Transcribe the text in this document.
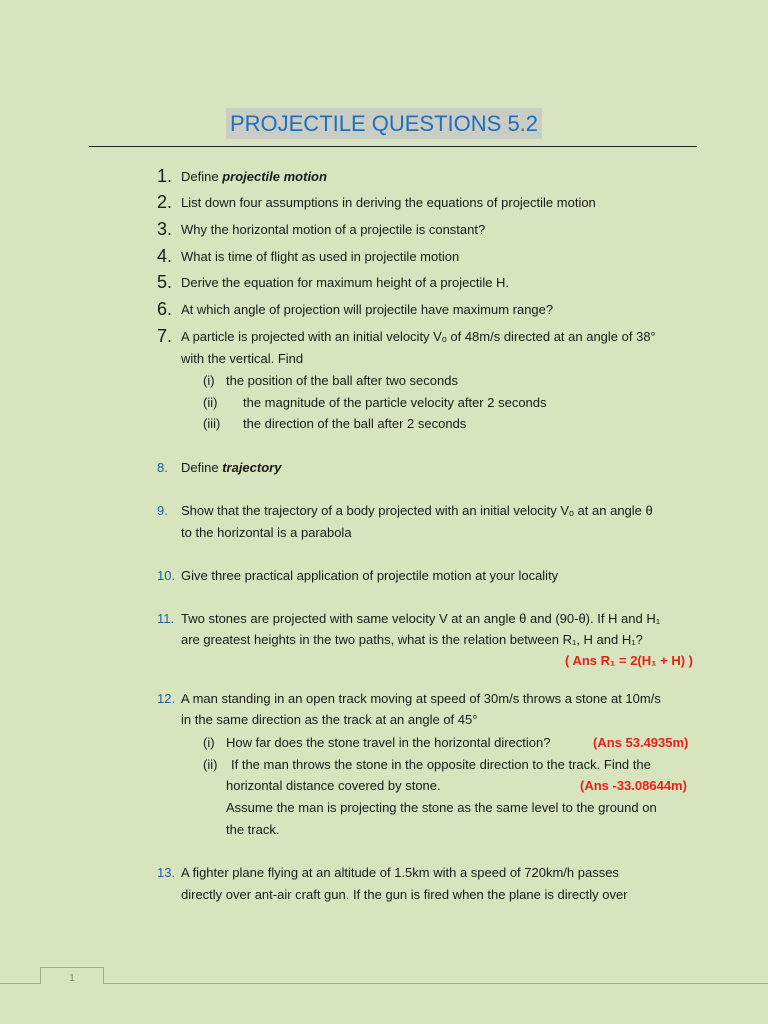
PROJECTILE QUESTIONS 5.2
1. Define projectile motion
2. List down four assumptions in deriving the equations of projectile motion
3. Why the horizontal motion of a projectile is constant?
4. What is time of flight as used in projectile motion
5. Derive the equation for maximum height of a projectile H.
6. At which angle of projection will projectile have maximum range?
7. A particle is projected with an initial velocity Vₒ of 48m/s directed at an angle of 38°
with the vertical. Find
(i) the position of the ball after two seconds
(ii) the magnitude of the particle velocity after 2 seconds
(iii) the direction of the ball after 2 seconds
8. Define trajectory
9. Show that the trajectory of a body projected with an initial velocity Vₒ at an angle θ
to the horizontal is a parabola
10. Give three practical application of projectile motion at your locality
11. Two stones are projected with same velocity V at an angle θ and (90-θ). If H and H₁
are greatest heights in the two paths, what is the relation between R₁, H and H₁?
( Ans R₁ = 2(H₁ + H) )
12. A man standing in an open track moving at speed of 30m/s throws a stone at 10m/s
in the same direction as the track at an angle of 45°
(i) How far does the stone travel in the horizontal direction?	(Ans 53.4935m)
(ii) If the man throws the stone in the opposite direction to the track. Find the
horizontal distance covered by stone.	(Ans -33.08644m)
Assume the man is projecting the stone as the same level to the ground on
the track.
13. A fighter plane flying at an altitude of 1.5km with a speed of 720km/h passes
directly over ant-air craft gun. If the gun is fired when the plane is directly over
1
